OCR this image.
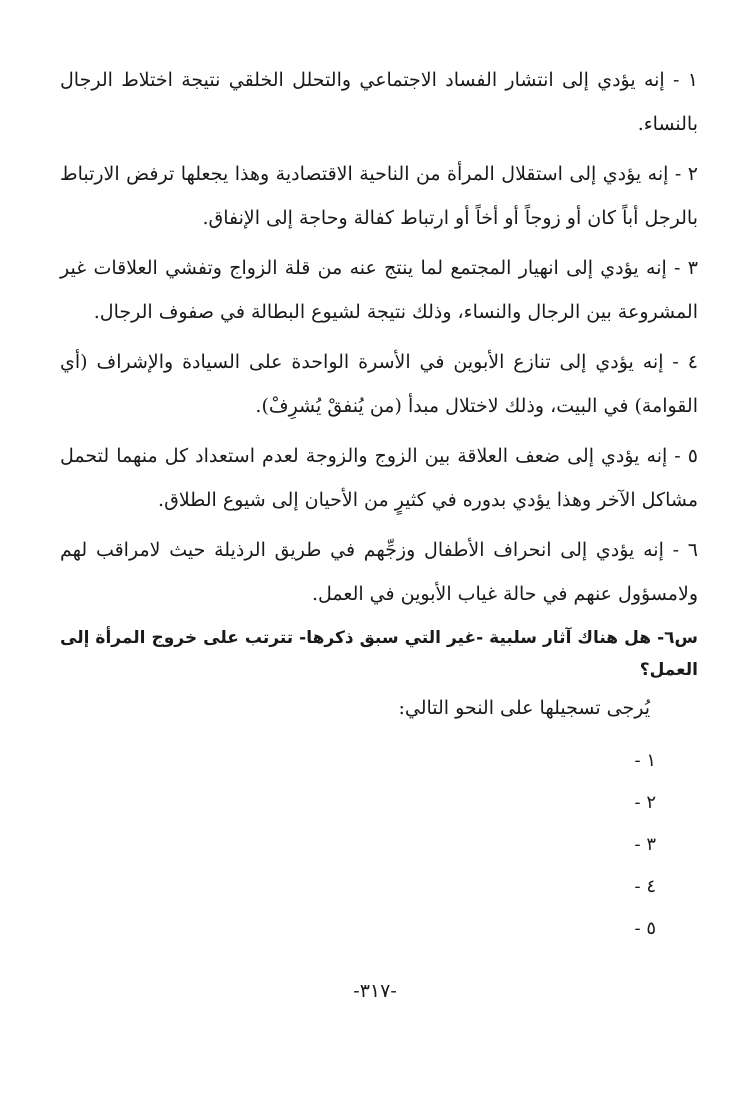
١ - إنه يؤدي إلى انتشار الفساد الاجتماعي والتحلل الخلقي نتيجة اختلاط الرجال بالنساء.

٢ - إنه يؤدي إلى استقلال المرأة من الناحية الاقتصادية وهذا يجعلها ترفض الارتباط بالرجل أباً كان أو زوجاً أو أخاً أو ارتباط كفالة وحاجة إلى الإنفاق.

٣ - إنه يؤدي إلى انهيار المجتمع لما ينتج عنه من قلة الزواج وتفشي العلاقات غير المشروعة بين الرجال والنساء، وذلك نتيجة لشيوع البطالة في صفوف الرجال.

٤ - إنه يؤدي إلى تنازع الأبوين في الأسرة الواحدة على السيادة والإشراف (أي القوامة) في البيت، وذلك لاختلال مبدأ (من يُنفقْ يُشرِفْ).

٥ - إنه يؤدي إلى ضعف العلاقة بين الزوج والزوجة لعدم استعداد كل منهما لتحمل مشاكل الآخر وهذا يؤدي بدوره في كثيرٍ من الأحيان إلى شيوع الطلاق.

٦ - إنه يؤدي إلى انحراف الأطفال وزجِّهم في طريق الرذيلة حيث لامراقب لهم ولامسؤول عنهم في حالة غياب الأبوين في العمل.

س٦- هل هناك آثار سلبية -غير التي سبق ذكرها- تترتب على خروج المرأة إلى العمل؟

يُرجى تسجيلها على النحو التالي:

١ -
٢ -
٣ -
٤ -
٥ -
-٣١٧-
